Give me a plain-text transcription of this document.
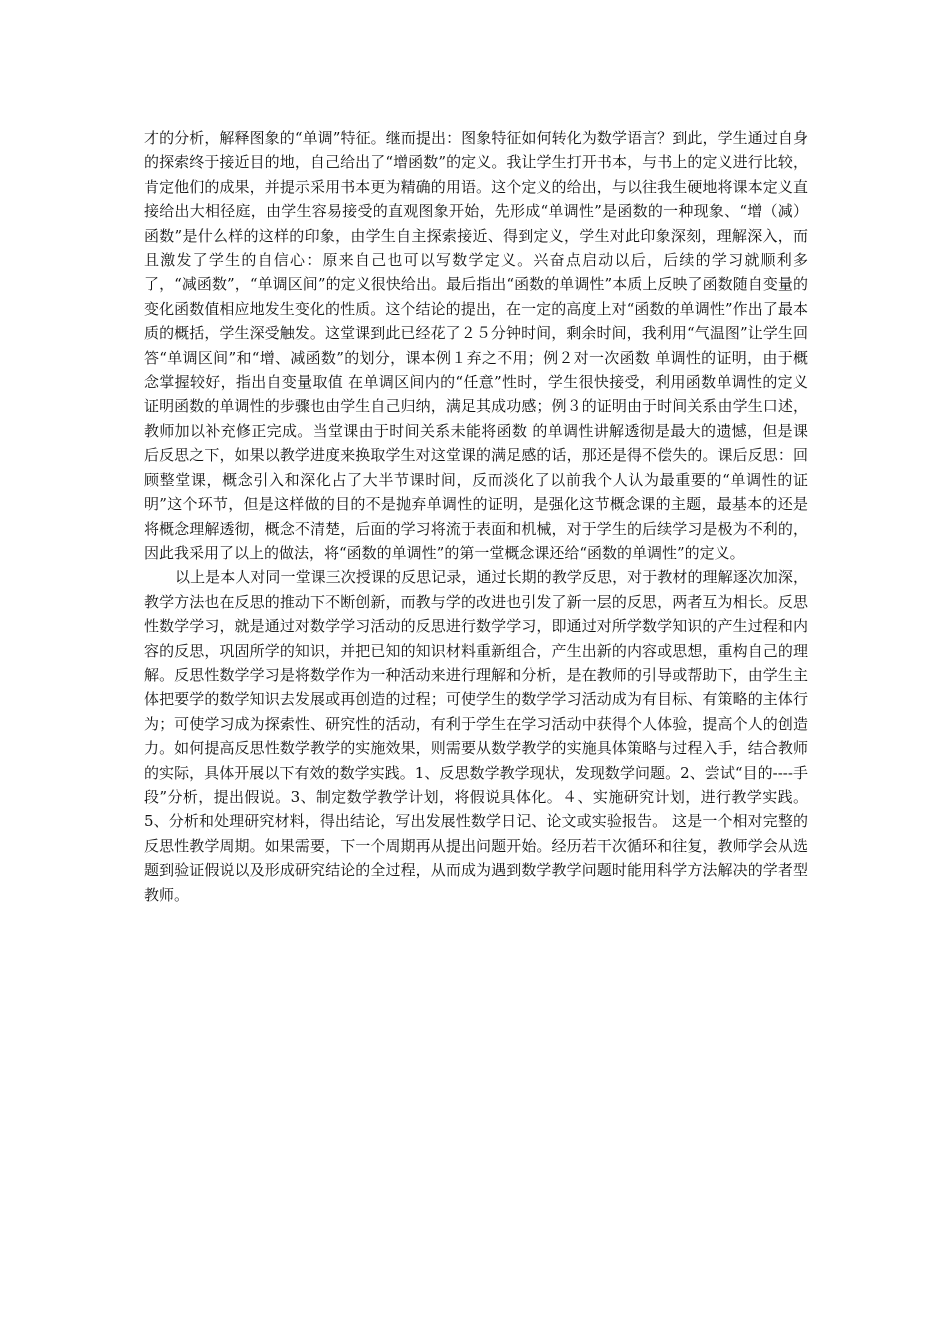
才的分析，解释图象的“单调”特征。继而提出：图象特征如何转化为数学语言？到此，学生通过自身的探索终于接近目的地，自己给出了“增函数”的定义。我让学生打开书本，与书上的定义进行比较，肯定他们的成果，并提示采用书本更为精确的用语。这个定义的给出，与以往我生硬地将课本定义直接给出大相径庭，由学生容易接受的直观图象开始，先形成“单调性”是函数的一种现象、“增（减）函数”是什么样的这样的印象，由学生自主探索接近、得到定义，学生对此印象深刻，理解深入，而且激发了学生的自信心：原来自己也可以写数学定义。兴奋点启动以后，后续的学习就顺利多了，“减函数”，“单调区间”的定义很快给出。最后指出“函数的单调性”本质上反映了函数随自变量的变化函数值相应地发生变化的性质。这个结论的提出，在一定的高度上对“函数的单调性”作出了最本质的概括，学生深受触发。这堂课到此已经花了２５分钟时间，剩余时间，我利用“气温图”让学生回答“单调区间”和“增、减函数”的划分，课本例１弃之不用；例２对一次函数 单调性的证明，由于概念掌握较好，指出自变量取值 在单调区间内的“任意”性时，学生很快接受，利用函数单调性的定义证明函数的单调性的步骤也由学生自己归纳，满足其成功感；例３的证明由于时间关系由学生口述，教师加以补充修正完成。当堂课由于时间关系未能将函数 的单调性讲解透彻是最大的遗憾，但是课后反思之下，如果以教学进度来换取学生对这堂课的满足感的话，那还是得不偿失的。课后反思：回顾整堂课，概念引入和深化占了大半节课时间，反而淡化了以前我个人认为最重要的“单调性的证明”这个环节，但是这样做的目的不是抛弃单调性的证明，是强化这节概念课的主题，最基本的还是将概念理解透彻，概念不清楚，后面的学习将流于表面和机械，对于学生的后续学习是极为不利的，因此我采用了以上的做法，将“函数的单调性”的第一堂概念课还给“函数的单调性”的定义。

以上是本人对同一堂课三次授课的反思记录，通过长期的教学反思，对于教材的理解逐次加深，教学方法也在反思的推动下不断创新，而教与学的改进也引发了新一层的反思，两者互为相长。反思性数学学习，就是通过对数学学习活动的反思进行数学学习，即通过对所学数学知识的产生过程和内容的反思，巩固所学的知识，并把已知的知识材料重新组合，产生出新的内容或思想，重构自己的理解。反思性数学学习是将数学作为一种活动来进行理解和分析，是在教师的引导或帮助下，由学生主体把要学的数学知识去发展或再创造的过程；可使学生的数学学习活动成为有目标、有策略的主体行为；可使学习成为探索性、研究性的活动，有利于学生在学习活动中获得个人体验，提高个人的创造力。如何提高反思性数学教学的实施效果，则需要从数学教学的实施具体策略与过程入手，结合教师的实际，具体开展以下有效的数学实践。1、反思数学教学现状，发现数学问题。2、尝试“目的----手段”分析，提出假说。3、制定数学教学计划，将假说具体化。４、实施研究计划，进行教学实践。5、分析和处理研究材料，得出结论，写出发展性数学日记、论文或实验报告。 这是一个相对完整的反思性教学周期。如果需要，下一个周期再从提出问题开始。经历若干次循环和往复，教师学会从选题到验证假说以及形成研究结论的全过程，从而成为遇到数学教学问题时能用科学方法解决的学者型教师。
